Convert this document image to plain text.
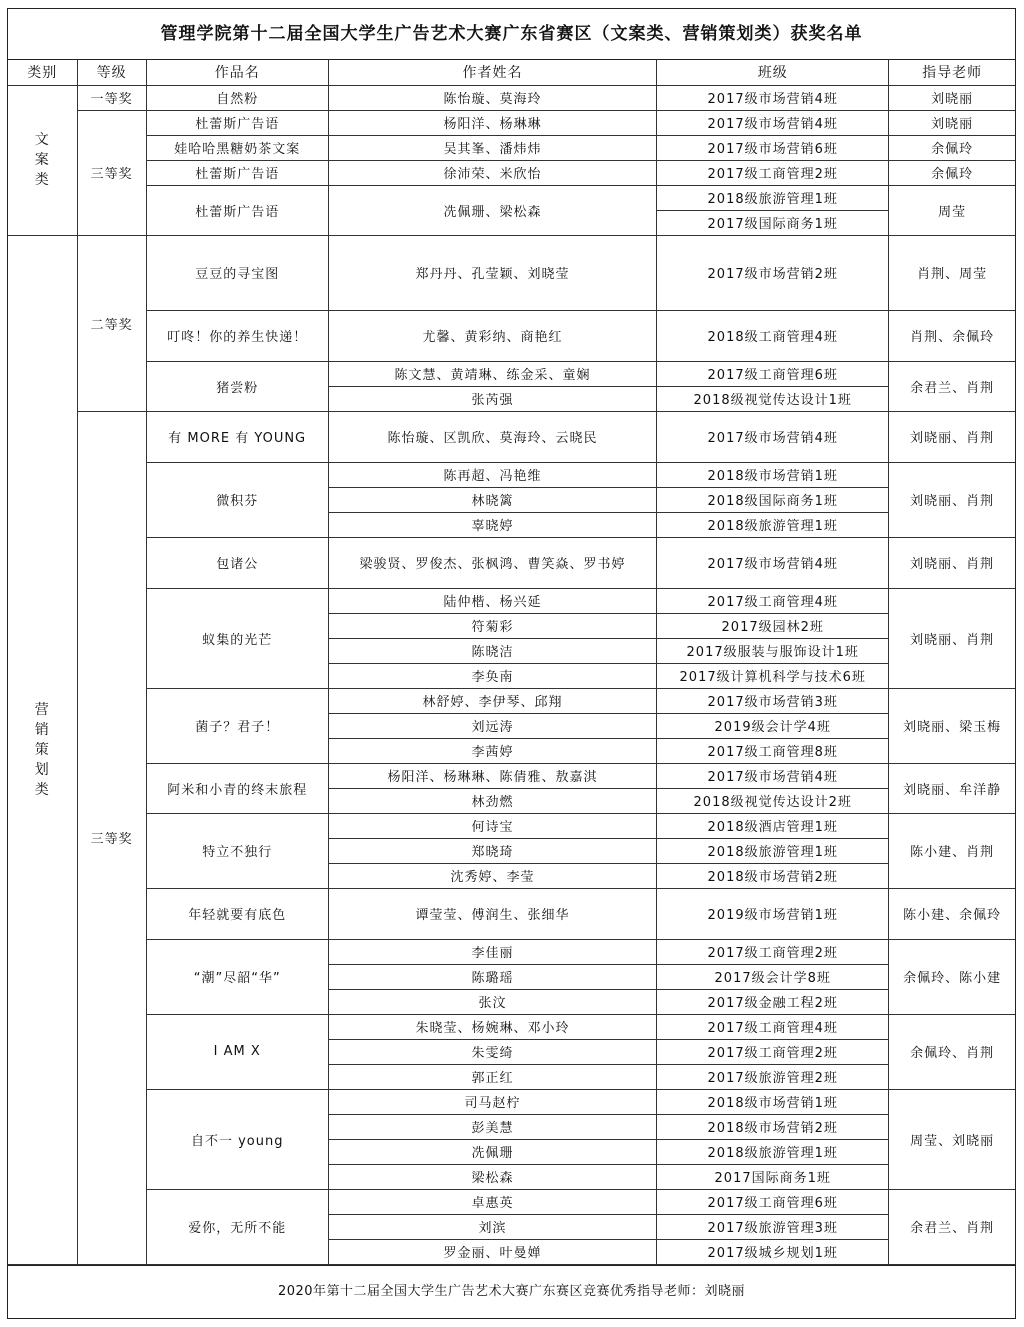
管理学院第十二届全国大学生广告艺术大赛广东省赛区（文案类、营销策划类）获奖名单
类别	等级	作品名	作者姓名	班级	指导老师

文
案
类	一等奖	自然粉	陈怡璇、莫海玲	2017级市场营销4班	刘晓丽
	三等奖	杜蕾斯广告语	杨阳洋、杨琳琳	2017级市场营销4班	刘晓丽
		娃哈哈黑糖奶茶文案	吴其峯、潘炜炜	2017级市场营销6班	余佩玲
		杜蕾斯广告语	徐沛荣、米欣怡	2017级工商管理2班	余佩玲
		杜蕾斯广告语	冼佩珊、梁松森	2018级旅游管理1班	周莹
				2017级国际商务1班	

营
销
策
划
类	二等奖	豆豆的寻宝图	郑丹丹、孔莹颖、刘晓莹	2017级市场营销2班	肖荆、周莹
		叮咚！你的养生快递！	尤馨、黄彩纳、商艳红	2018级工商管理4班	肖荆、余佩玲
		猪尝粉	陈文慧、黄靖琳、练金采、童娴	2017级工商管理6班	余君兰、肖荆
			张芮强	2018级视觉传达设计1班	
	三等奖	有 MORE 有 YOUNG	陈怡璇、区凯欣、莫海玲、云晓民	2017级市场营销4班	刘晓丽、肖荆
		微积芬	陈再超、冯艳维	2018级市场营销1班	刘晓丽、肖荆
			林晓篱	2018级国际商务1班	
			辜晓婷	2018级旅游管理1班	
		包诸公	梁骏贤、罗俊杰、张枫鸿、曹笑焱、罗书婷	2017级市场营销4班	刘晓丽、肖荆
		蚁集的光芒	陆仲楷、杨兴延	2017级工商管理4班	刘晓丽、肖荆
			符菊彩	2017级园林2班	
			陈晓洁	2017级服装与服饰设计1班	
			李奂南	2017级计算机科学与技术6班	
		菌子？君子！	林舒婷、李伊琴、邱翔	2017级市场营销3班	刘晓丽、梁玉梅
			刘远涛	2019级会计学4班	
			李茜婷	2017级工商管理8班	
		阿米和小青的终末旅程	杨阳洋、杨琳琳、陈倩雅、敖嘉淇	2017级市场营销4班	刘晓丽、牟洋静
			林劲燃	2018级视觉传达设计2班	
		特立不独行	何诗宝	2018级酒店管理1班	陈小建、肖荆
			郑晓琦	2018级旅游管理1班	
			沈秀婷、李莹	2018级市场营销2班	
		年轻就要有底色	谭莹莹、傅润生、张细华	2019级市场营销1班	陈小建、余佩玲
		“潮”尽韶“华”	李佳丽	2017级工商管理2班	余佩玲、陈小建
			陈璐瑶	2017级会计学8班	
			张汶	2017级金融工程2班	
		I AM X	朱晓莹、杨婉琳、邓小玲	2017级工商管理4班	余佩玲、肖荆
			朱雯绮	2017级工商管理2班	
			郭正红	2017级旅游管理2班	
		自不一 young	司马赵柠	2018级市场营销1班	周莹、刘晓丽
			彭美慧	2018级市场营销2班	
			冼佩珊	2018级旅游管理1班	
			梁松森	2017国际商务1班	
		爱你，无所不能	卓惠英	2017级工商管理6班	余君兰、肖荆
			刘滨	2017级旅游管理3班	
			罗金丽、叶曼婵	2017级城乡规划1班	
2020年第十二届全国大学生广告艺术大赛广东赛区竞赛优秀指导老师：刘晓丽
